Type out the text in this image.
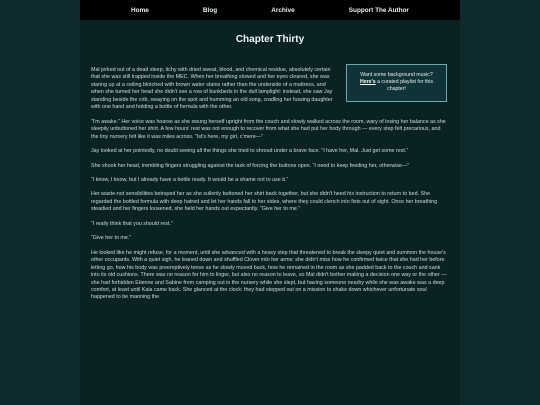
Home	Blog	Archive	Support The Author
Chapter Thirty
Want some background music? Here's a curated playlist for this chapter!

Mal jerked out of a dead sleep, itchy with dried sweat, blood, and chemical residue, absolutely certain that she was still trapped inside the MEC. When her breathing slowed and her eyes cleared, she was staring up at a ceiling blotched with brown water stains rather than the underside of a mattress, and when she turned her head she didn't see a row of bunkbeds in the dull lamplight: instead, she saw Jay standing beside the crib, swaying on the spot and humming an old song, cradling her fussing daughter with one hand and holding a bottle of formula with the other.

“I'm awake.” Her voice was hoarse as she swung herself upright from the couch and slowly walked across the room, wary of losing her balance as she sleepily unbuttoned her shirt. A few hours' rest was not enough to recover from what she had put her body through — every step felt precarious, and the tiny nursery felt like it was miles across. “Ist's here, my girl, c'mere—”

Jay looked at her pointedly, no doubt seeing all the things she tried to shroud under a brave face. “I have her, Mal. Just get some rest.”

She shook her head, trembling fingers struggling against the task of forcing the buttons open. “I need to keep feeding her, otherwise—”

“I know, I know, but I already have a bottle ready. It would be a shame not to use it.”

Her waste-not sensibilities betrayed her as she sullenly buttoned her shirt back together, but she didn't heed his instruction to return to bed. She regarded the bottled formula with deep hatred and let her hands fall to her sides, where they could clench into fists out of sight. Once her breathing steadied and her fingers loosened, she held her hands out expectantly. “Give her to me.”

“I really think that you should rest.”

“Give her to me.”

He looked like he might refuse, for a moment, until she advanced with a heavy step that threatened to break the sleepy quiet and summon the house's other occupants. With a quiet sigh, he leaned down and shuffled Clover into her arms: she didn't miss how he confirmed twice that she had her before letting go, how his body was preemptively tense as he slowly moved back, how he remained in the room as she padded back to the couch and sank into its old cushions. There was no reason for him to linger, but also no reason to leave, so Mal didn't bother making a decision one way or the other — she had forbidden Etienne and Sabine from camping out in the nursery while she slept, but having someone nearby while she was awake was a deep comfort, at least until Kaia came back. She glanced at the clock: they had stepped out on a mission to shake down whichever unfortunate soul happened to be manning the
